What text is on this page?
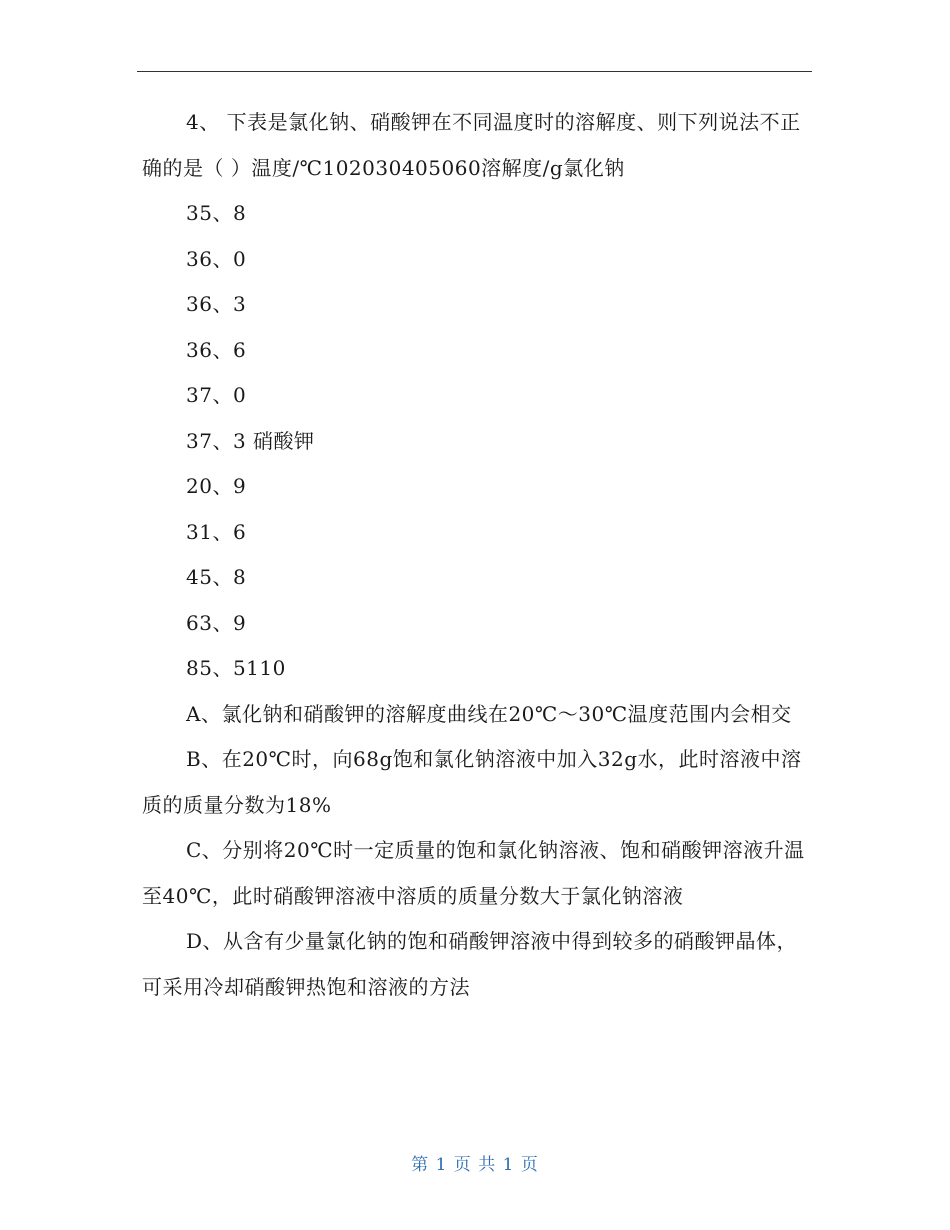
4、 下表是氯化钠、硝酸钾在不同温度时的溶解度、则下列说法不正确的是（ ）温度/℃102030405060溶解度/g氯化钠

35、8

36、0

36、3

36、6

37、0

37、3 硝酸钾

20、9

31、6

45、8

63、9

85、5110

A、氯化钠和硝酸钾的溶解度曲线在20℃～30℃温度范围内会相交

B、在20℃时，向68g饱和氯化钠溶液中加入32g水，此时溶液中溶质的质量分数为18%

C、分别将20℃时一定质量的饱和氯化钠溶液、饱和硝酸钾溶液升温至40℃，此时硝酸钾溶液中溶质的质量分数大于氯化钠溶液

D、从含有少量氯化钠的饱和硝酸钾溶液中得到较多的硝酸钾晶体，可采用冷却硝酸钾热饱和溶液的方法

第 1 页 共 1 页
